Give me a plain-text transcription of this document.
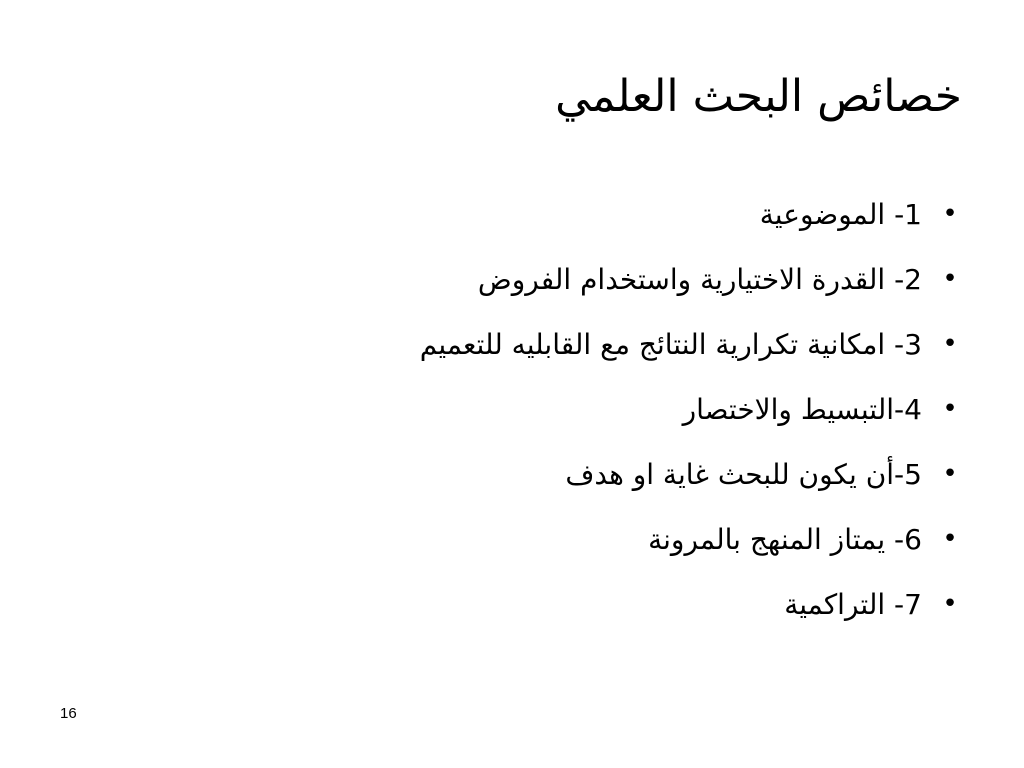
خصائص البحث العلمي
•
1- الموضوعية
•
2- القدرة الاختيارية واستخدام الفروض
•
3- امكانية تكرارية النتائج مع القابليه للتعميم
•
4-التبسيط والاختصار
•
5-أن يكون للبحث غاية او هدف
•
6- يمتاز المنهج بالمرونة
•
7- التراكمية
16
